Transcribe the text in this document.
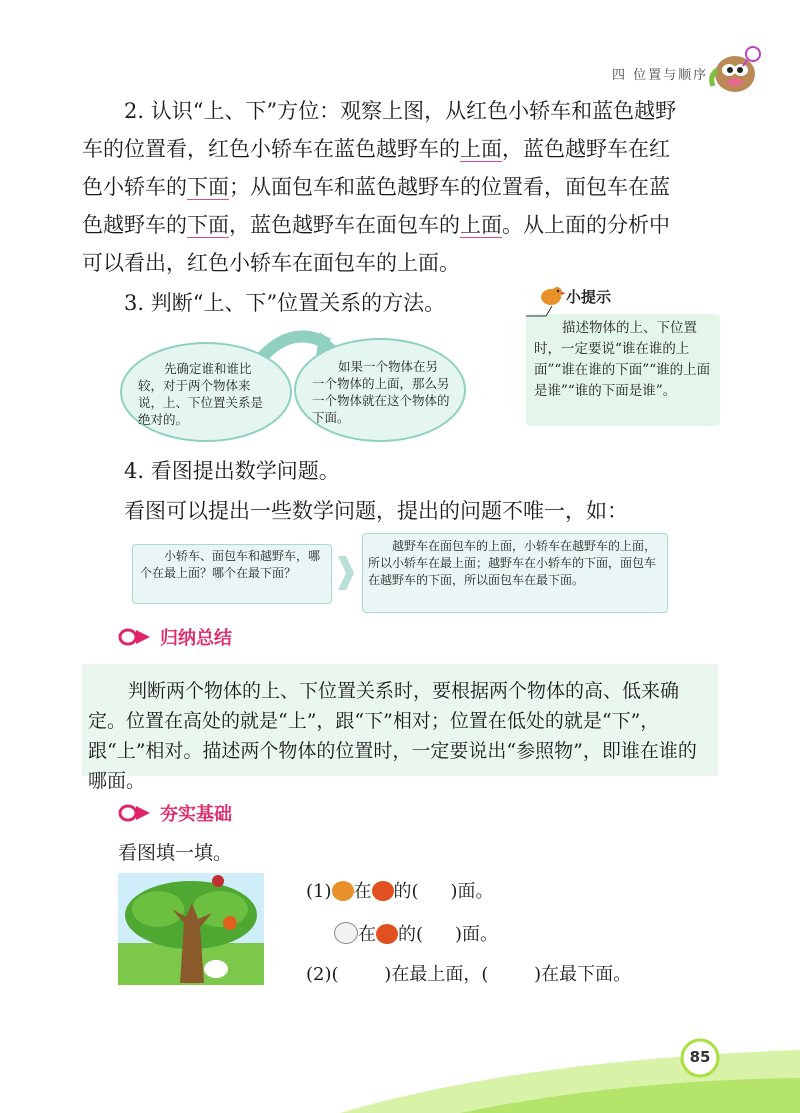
四 位置与顺序

2. 认识“上、下”方位：观察上图，从红色小轿车和蓝色越野

车的位置看，红色小轿车在蓝色越野车的上面，蓝色越野车在红

色小轿车的下面；从面包车和蓝色越野车的位置看，面包车在蓝

色越野车的下面，蓝色越野车在面包车的上面。从上面的分析中

可以看出，红色小轿车在面包车的上面。

3. 判断“上、下”位置关系的方法。	小提示
描述物体的上、下位置时，一定要说“谁在谁的上面”“谁在谁的下面”“谁的上面是谁”“谁的下面是谁”。
先确定谁和谁比较，对于两个物体来说，上、下位置关系是绝对的。
如果一个物体在另一个物体的上面，那么另一个物体就在这个物体的下面。

4. 看图提出数学问题。

看图可以提出一些数学问题，提出的问题不唯一，如：

小轿车、面包车和越野车，哪个在最上面？哪个在最下面？
越野车在面包车的上面，小轿车在越野车的上面，所以小轿车在最上面；越野车在小轿车的下面，面包车在越野车的下面，所以面包车在最下面。
归纳总结
判断两个物体的上、下位置关系时，要根据两个物体的高、低来确定。位置在高处的就是“上”，跟“下”相对；位置在低处的就是“下”，跟“上”相对。描述两个物体的位置时，一定要说出“参照物”，即谁在谁的哪面。
夯实基础
看图填一填。
(1) 在 的( )面。
在 的( )面。
(2)(        )在最上面，(        )在最下面。
85
